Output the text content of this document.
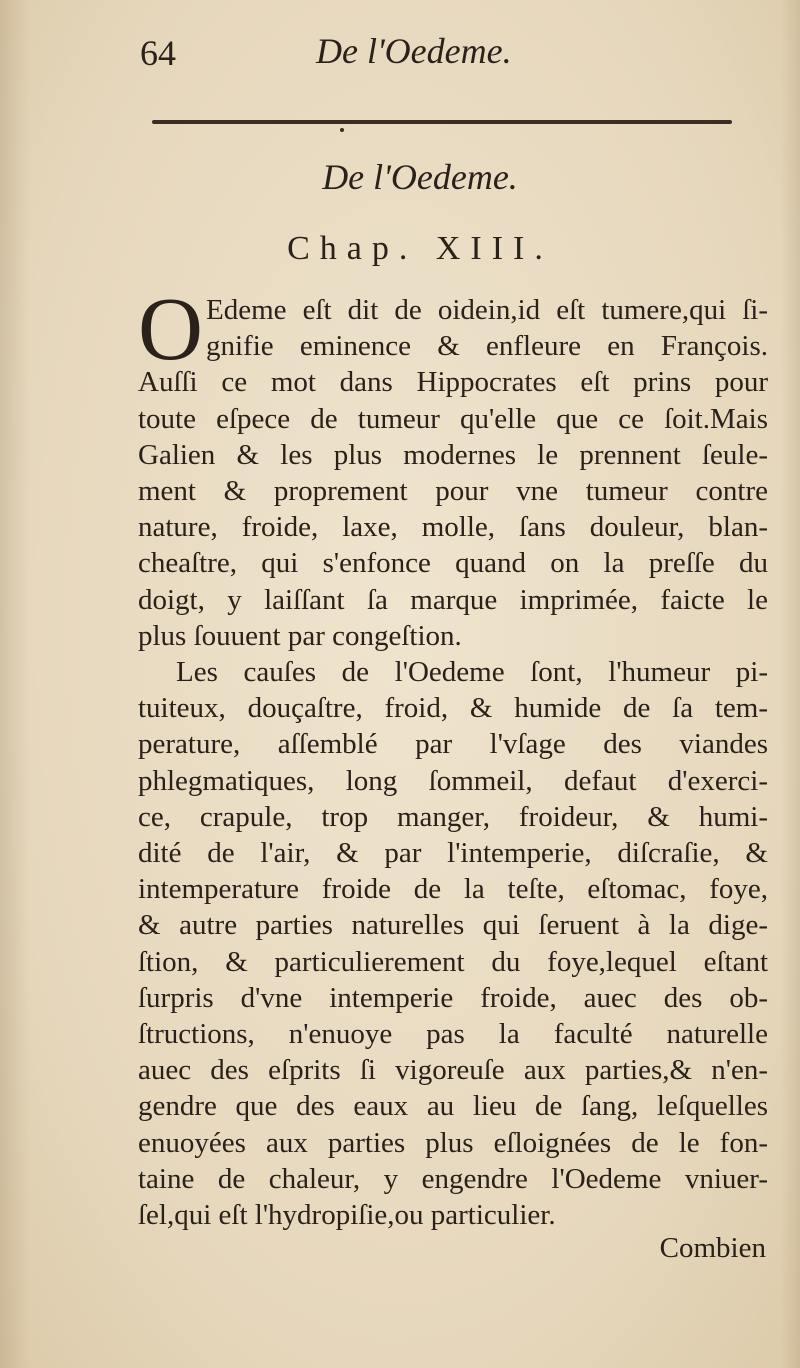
64	De l'Oedeme.
De l'Oedeme.
Chap. XIII.
O Edeme eſt dit de oidein,id eſt tumere,qui ſi-
gnifie eminence & enfleure en François.
Auſſi ce mot dans Hippocrates eſt prins pour
toute eſpece de tumeur qu'elle que ce ſoit.Mais
Galien & les plus modernes le prennent ſeule-
ment & proprement pour vne tumeur contre
nature, froide, laxe, molle, ſans douleur, blan-
cheaſtre, qui s'enfonce quand on la preſſe du
doigt, y laiſſant ſa marque imprimée, faicte le
plus ſouuent par congeſtion.
Les cauſes de l'Oedeme ſont, l'humeur pi-
tuiteux, douçaſtre, froid, & humide de ſa tem-
perature, aſſemblé par l'vſage des viandes
phlegmatiques, long ſommeil, defaut d'exerci-
ce, crapule, trop manger, froideur, & humi-
dité de l'air, & par l'intemperie, diſcraſie, &
intemperature froide de la teſte, eſtomac, foye,
& autre parties naturelles qui ſeruent à la dige-
ſtion, & particulierement du foye,lequel eſtant
ſurpris d'vne intemperie froide, auec des ob-
ſtructions, n'enuoye pas la faculté naturelle
auec des eſprits ſi vigoreuſe aux parties,& n'en-
gendre que des eaux au lieu de ſang, leſquelles
enuoyées aux parties plus eſloignées de le fon-
taine de chaleur, y engendre l'Oedeme vniuer-
ſel,qui eſt l'hydropiſie,ou particulier.
Combien
